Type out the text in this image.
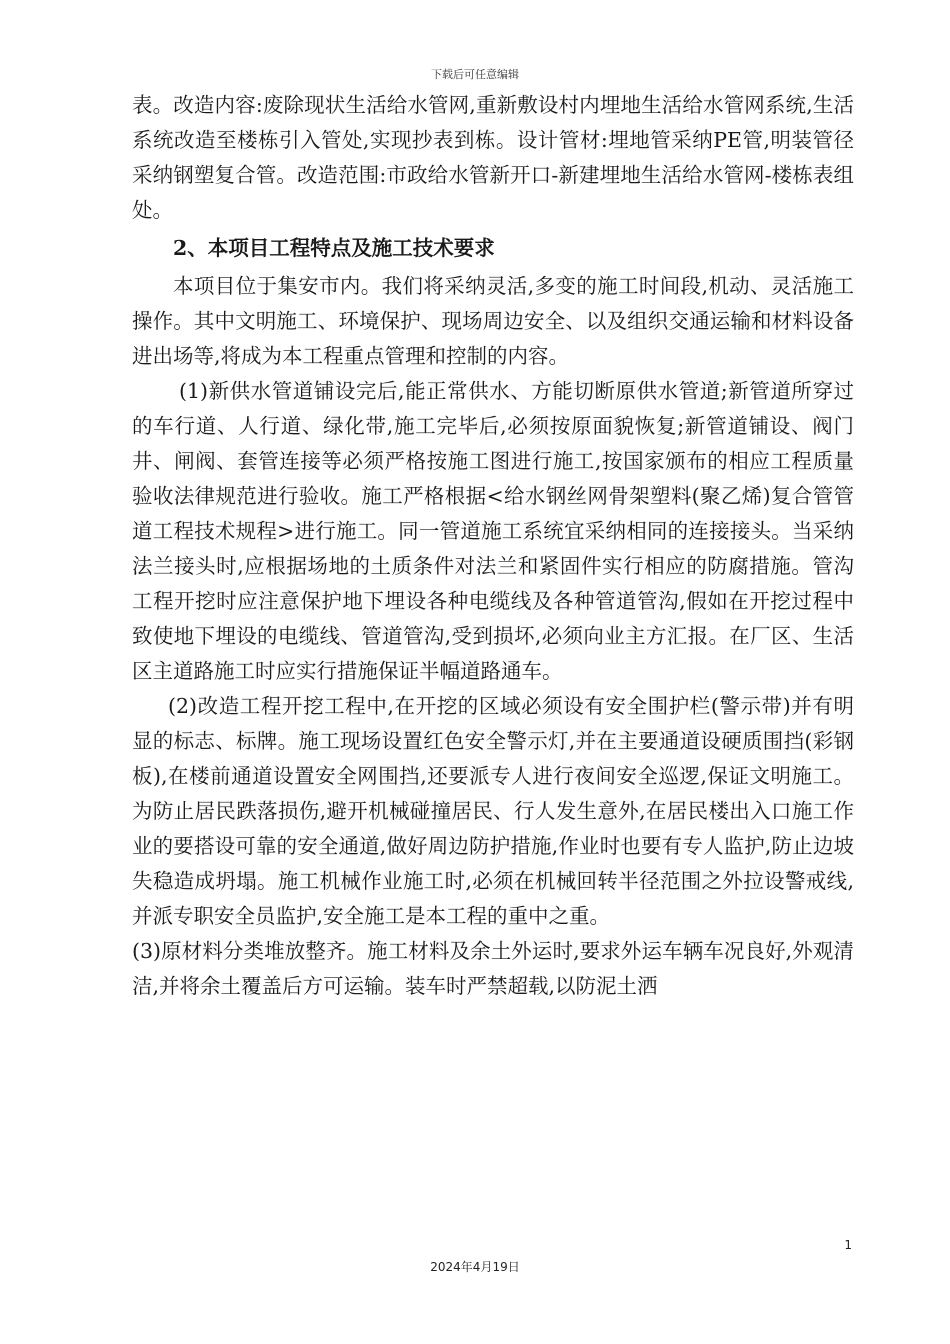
下载后可任意编辑

表。改造内容:废除现状生活给水管网,重新敷设村内埋地生活给水管网系统,生活系统改造至楼栋引入管处,实现抄表到栋。设计管材:埋地管采纳PE管,明装管径采纳钢塑复合管。改造范围:市政给水管新开口-新建埋地生活给水管网-楼栋表组处。

2、本项目工程特点及施工技术要求

本项目位于集安市内。我们将采纳灵活,多变的施工时间段,机动、灵活施工操作。其中文明施工、环境保护、现场周边安全、以及组织交通运输和材料设备进出场等,将成为本工程重点管理和控制的内容。

(1)新供水管道铺设完后,能正常供水、方能切断原供水管道;新管道所穿过的车行道、人行道、绿化带,施工完毕后,必须按原面貌恢复;新管道铺设、阀门井、闸阀、套管连接等必须严格按施工图进行施工,按国家颁布的相应工程质量验收法律规范进行验收。施工严格根据<给水钢丝网骨架塑料(聚乙烯)复合管管道工程技术规程>进行施工。同一管道施工系统宜采纳相同的连接接头。当采纳法兰接头时,应根据场地的土质条件对法兰和紧固件实行相应的防腐措施。管沟工程开挖时应注意保护地下埋设各种电缆线及各种管道管沟,假如在开挖过程中致使地下埋设的电缆线、管道管沟,受到损坏,必须向业主方汇报。在厂区、生活区主道路施工时应实行措施保证半幅道路通车。

(2)改造工程开挖工程中,在开挖的区域必须设有安全围护栏(警示带)并有明显的标志、标牌。施工现场设置红色安全警示灯,并在主要通道设硬质围挡(彩钢板),在楼前通道设置安全网围挡,还要派专人进行夜间安全巡逻,保证文明施工。为防止居民跌落损伤,避开机械碰撞居民、行人发生意外,在居民楼出入口施工作业的要搭设可靠的安全通道,做好周边防护措施,作业时也要有专人监护,防止边坡失稳造成坍塌。施工机械作业施工时,必须在机械回转半径范围之外拉设警戒线,并派专职安全员监护,安全施工是本工程的重中之重。

(3)原材料分类堆放整齐。施工材料及余土外运时,要求外运车辆车况良好,外观清洁,并将余土覆盖后方可运输。装车时严禁超载,以防泥土洒

1
2024年4月19日
